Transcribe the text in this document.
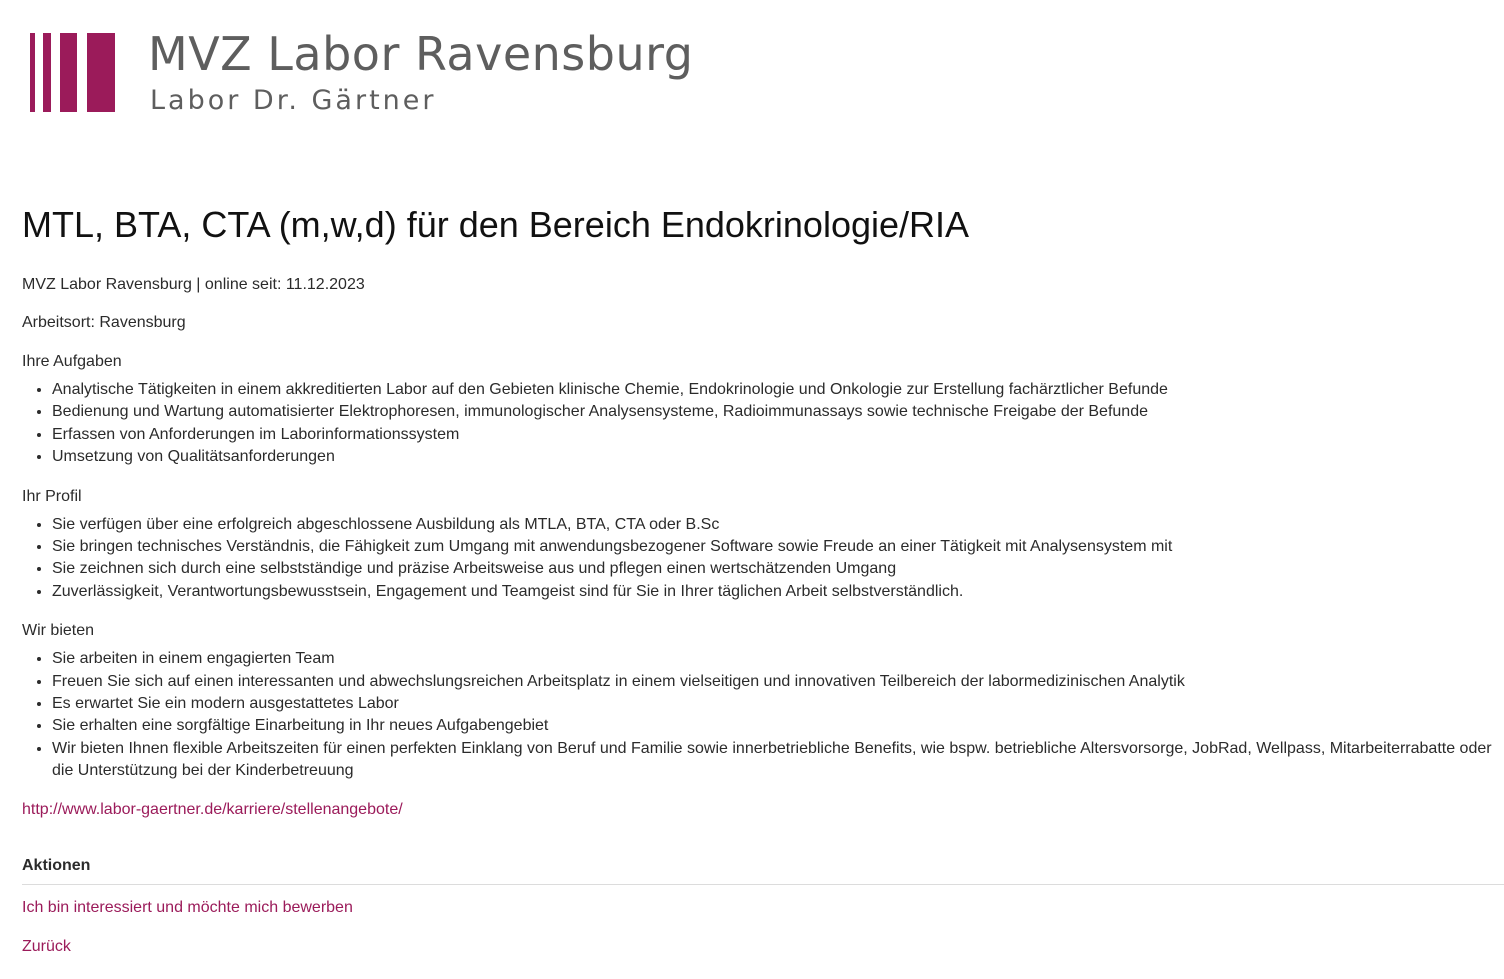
MVZ Labor Ravensburg
Labor Dr. Gärtner
MTL, BTA, CTA (m,w,d) für den Bereich Endokrinologie/RIA
MVZ Labor Ravensburg | online seit: 11.12.2023
Arbeitsort: Ravensburg
Ihre Aufgaben
• Analytische Tätigkeiten in einem akkreditierten Labor auf den Gebieten klinische Chemie, Endokrinologie und Onkologie zur Erstellung fachärztlicher Befunde
• Bedienung und Wartung automatisierter Elektrophoresen, immunologischer Analysensysteme, Radioimmunassays sowie technische Freigabe der Befunde
• Erfassen von Anforderungen im Laborinformationssystem
• Umsetzung von Qualitätsanforderungen
Ihr Profil
• Sie verfügen über eine erfolgreich abgeschlossene Ausbildung als MTLA, BTA, CTA oder B.Sc
• Sie bringen technisches Verständnis, die Fähigkeit zum Umgang mit anwendungsbezogener Software sowie Freude an einer Tätigkeit mit Analysensystem mit
• Sie zeichnen sich durch eine selbstständige und präzise Arbeitsweise aus und pflegen einen wertschätzenden Umgang
• Zuverlässigkeit, Verantwortungsbewusstsein, Engagement und Teamgeist sind für Sie in Ihrer täglichen Arbeit selbstverständlich.
Wir bieten
• Sie arbeiten in einem engagierten Team
• Freuen Sie sich auf einen interessanten und abwechslungsreichen Arbeitsplatz in einem vielseitigen und innovativen Teilbereich der labormedizinischen Analytik
• Es erwartet Sie ein modern ausgestattetes Labor
• Sie erhalten eine sorgfältige Einarbeitung in Ihr neues Aufgabengebiet
• Wir bieten Ihnen flexible Arbeitszeiten für einen perfekten Einklang von Beruf und Familie sowie innerbetriebliche Benefits, wie bspw. betriebliche Altersvorsorge, JobRad, Wellpass, Mitarbeiterrabatte oder die Unterstützung bei der Kinderbetreuung
http://www.labor-gaertner.de/karriere/stellenangebote/
Aktionen
Ich bin interessiert und möchte mich bewerben
Zurück
